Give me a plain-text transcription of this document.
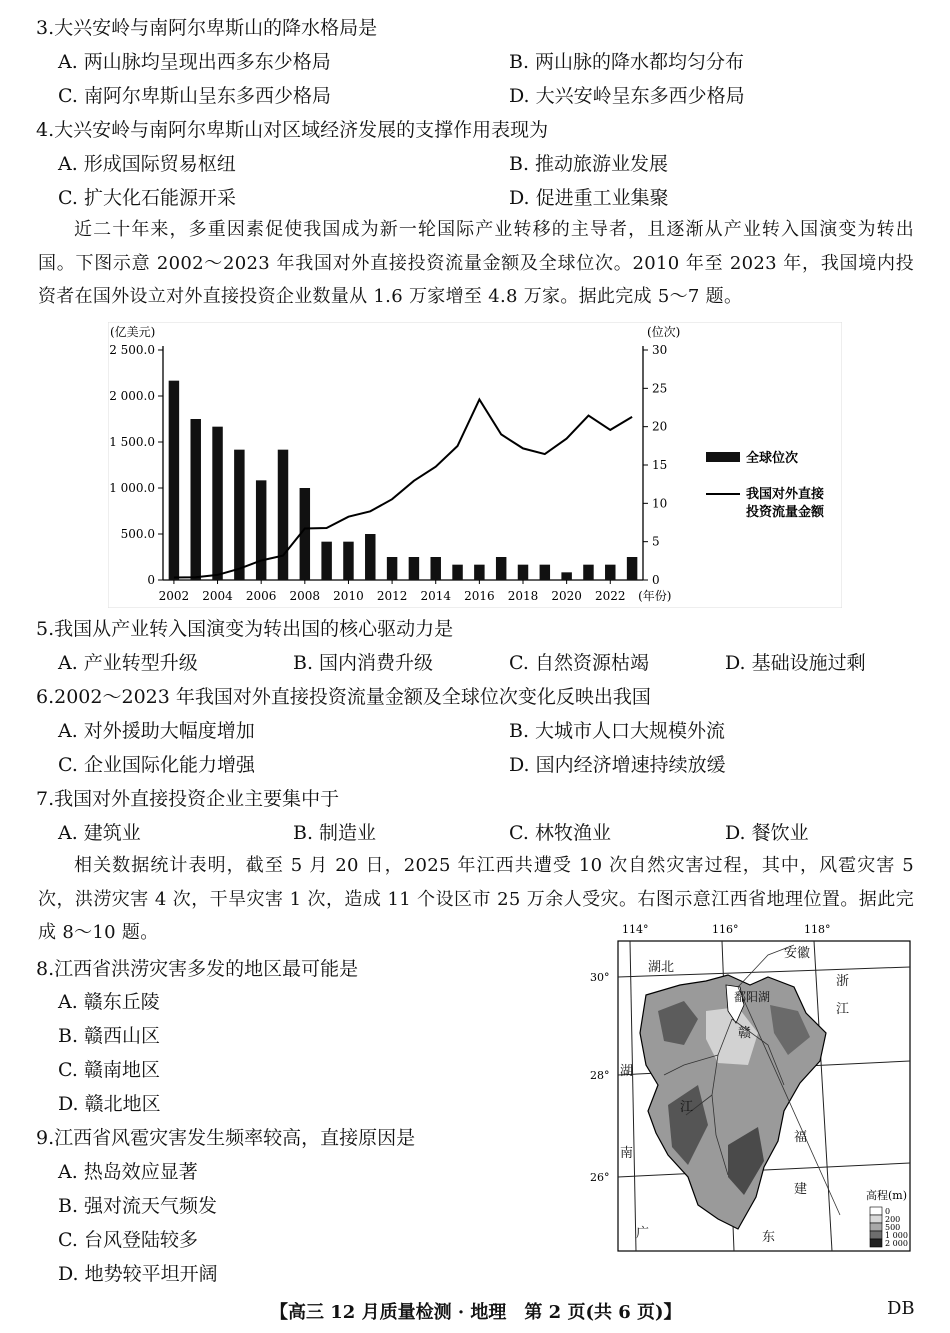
3.大兴安岭与南阿尔卑斯山的降水格局是
A. 两山脉均呈现出西多东少格局	B. 两山脉的降水都均匀分布
C. 南阿尔卑斯山呈东多西少格局	D. 大兴安岭呈东多西少格局
4.大兴安岭与南阿尔卑斯山对区域经济发展的支撑作用表现为
A. 形成国际贸易枢纽	B. 推动旅游业发展
C. 扩大化石能源开采	D. 促进重工业集聚
近二十年来，多重因素促使我国成为新一轮国际产业转移的主导者，且逐渐从产业转入国演变为转出国。下图示意 2002～2023 年我国对外直接投资流量金额及全球位次。2010 年至 2023 年，我国境内投资者在国外设立对外直接投资企业数量从 1.6 万家增至 4.8 万家。据此完成 5～7 题。
(亿美元)	(位次)
2 500.0
2 000.0
1 500.0
1 000.0
500.0
0
30
25
20
15
10
5
0
2002 2004 2006 2008 2010 2012 2014 2016 2018 2020 2022 (年份)
全球位次
我国对外直接
投资流量金额
5.我国从产业转入国演变为转出国的核心驱动力是
A. 产业转型升级	B. 国内消费升级	C. 自然资源枯竭	D. 基础设施过剩
6.2002～2023 年我国对外直接投资流量金额及全球位次变化反映出我国
A. 对外援助大幅度增加	B. 大城市人口大规模外流
C. 企业国际化能力增强	D. 国内经济增速持续放缓
7.我国对外直接投资企业主要集中于
A. 建筑业	B. 制造业	C. 林牧渔业	D. 餐饮业
相关数据统计表明，截至 5 月 20 日，2025 年江西共遭受 10 次自然灾害过程，其中，风雹灾害 5 次，洪涝灾害 4 次，干旱灾害 1 次，造成 11 个设区市 25 万余人受灾。右图示意江西省地理位置。据此完成 8～10 题。
8.江西省洪涝灾害多发的地区最可能是
A. 赣东丘陵
B. 赣西山区
C. 赣南地区
D. 赣北地区
9.江西省风雹灾害发生频率较高，直接原因是
A. 热岛效应显著
B. 强对流天气频发
C. 台风登陆较多
D. 地势较平坦开阔
114°	116°	118°
30°
28°
26°
湖北
安徽
浙
江
鄱阳湖
赣
湖
江
南
福
建
广	东
高程(m)
0
200
500
1 000
2 000
【高三 12 月质量检测 · 地理　第 2 页(共 6 页)】	DB
